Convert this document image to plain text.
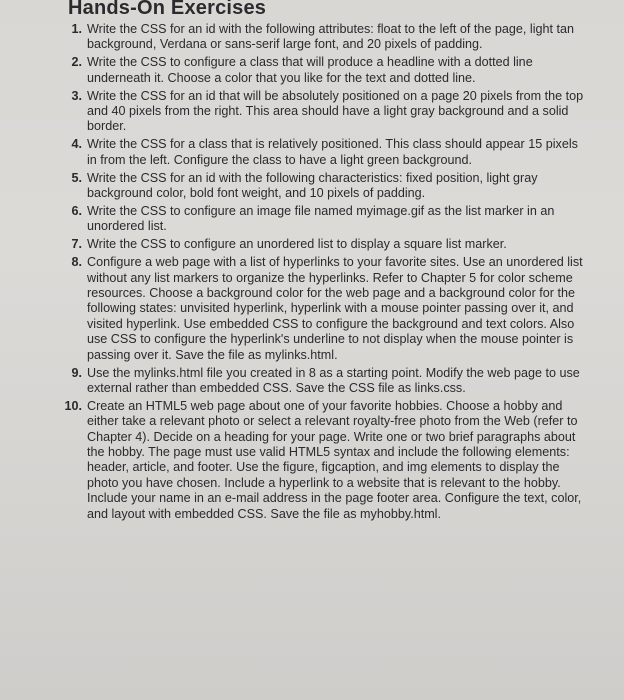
Hands-On Exercises
1. Write the CSS for an id with the following attributes: float to the left of the page, light tan background, Verdana or sans-serif large font, and 20 pixels of padding.
2. Write the CSS to configure a class that will produce a headline with a dotted line underneath it. Choose a color that you like for the text and dotted line.
3. Write the CSS for an id that will be absolutely positioned on a page 20 pixels from the top and 40 pixels from the right. This area should have a light gray background and a solid border.
4. Write the CSS for a class that is relatively positioned. This class should appear 15 pixels in from the left. Configure the class to have a light green background.
5. Write the CSS for an id with the following characteristics: fixed position, light gray background color, bold font weight, and 10 pixels of padding.
6. Write the CSS to configure an image file named myimage.gif as the list marker in an unordered list.
7. Write the CSS to configure an unordered list to display a square list marker.
8. Configure a web page with a list of hyperlinks to your favorite sites. Use an unordered list without any list markers to organize the hyperlinks. Refer to Chapter 5 for color scheme resources. Choose a background color for the web page and a background color for the following states: unvisited hyperlink, hyperlink with a mouse pointer passing over it, and visited hyperlink. Use embedded CSS to configure the background and text colors. Also use CSS to configure the hyperlink's underline to not display when the mouse pointer is passing over it. Save the file as mylinks.html.
9. Use the mylinks.html file you created in 8 as a starting point. Modify the web page to use external rather than embedded CSS. Save the CSS file as links.css.
10. Create an HTML5 web page about one of your favorite hobbies. Choose a hobby and either take a relevant photo or select a relevant royalty-free photo from the Web (refer to Chapter 4). Decide on a heading for your page. Write one or two brief paragraphs about the hobby. The page must use valid HTML5 syntax and include the following elements: header, article, and footer. Use the figure, figcaption, and img elements to display the photo you have chosen. Include a hyperlink to a website that is relevant to the hobby. Include your name in an e-mail address in the page footer area. Configure the text, color, and layout with embedded CSS. Save the file as myhobby.html.
